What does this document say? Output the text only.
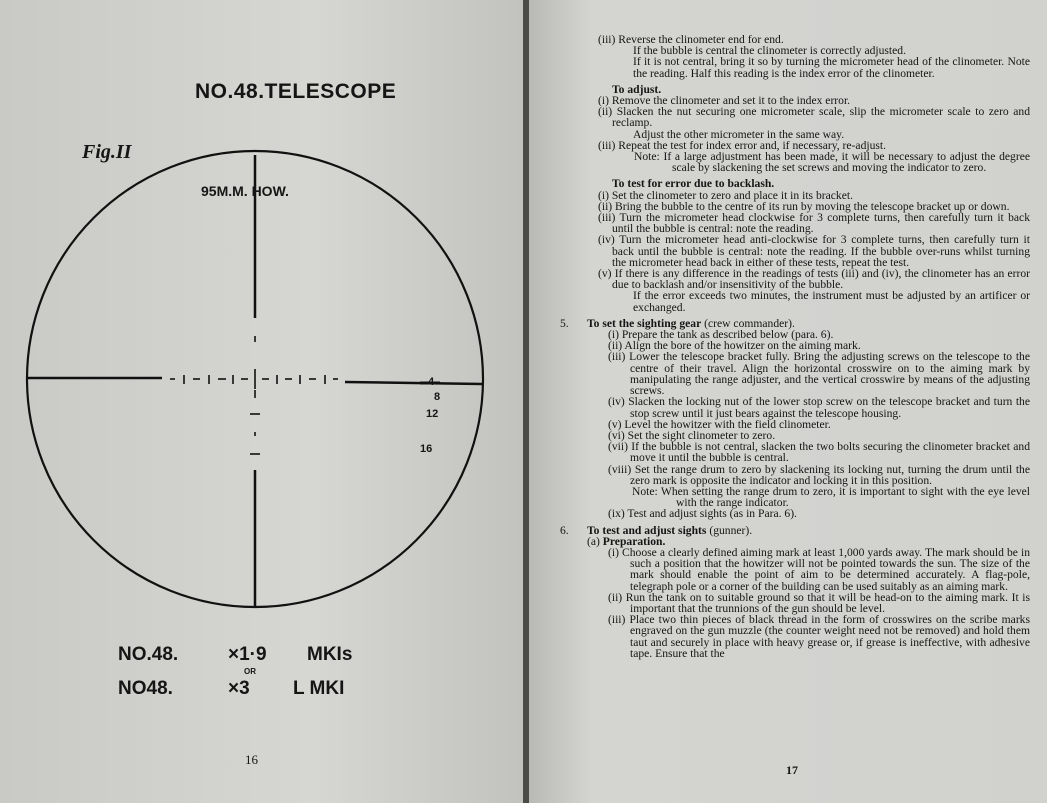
NO.48.TELESCOPE
Fig.II
95M.M. HOW.
4
8
12
16
NO.48.	×1·9 MKIs
OR
NO48.	×3 L MKI
16

(iii) Reverse the clinometer end for end.

If the bubble is central the clinometer is correctly adjusted.

If it is not central, bring it so by turning the micrometer head of the clinometer. Note the reading. Half this reading is the index error of the clinometer.

To adjust.

(i) Remove the clinometer and set it to the index error.

(ii) Slacken the nut securing one micrometer scale, slip the micrometer scale to zero and reclamp.

Adjust the other micrometer in the same way.

(iii) Repeat the test for index error and, if necessary, re-adjust.

Note: If a large adjustment has been made, it will be necessary to adjust the degree scale by slackening the set screws and moving the indicator to zero.

To test for error due to backlash.

(i) Set the clinometer to zero and place it in its bracket.

(ii) Bring the bubble to the centre of its run by moving the telescope bracket up or down.

(iii) Turn the micrometer head clockwise for 3 complete turns, then carefully turn it back until the bubble is central: note the reading.

(iv) Turn the micrometer head anti-clockwise for 3 complete turns, then carefully turn it back until the bubble is central: note the reading. If the bubble over-runs whilst turning the micrometer head back in either of these tests, repeat the test.

(v) If there is any difference in the readings of tests (iii) and (iv), the clinometer has an error due to backlash and/or insensitivity of the bubble.

If the error exceeds two minutes, the instrument must be adjusted by an artificer or exchanged.

5. To set the sighting gear (crew commander).

(i) Prepare the tank as described below (para. 6).

(ii) Align the bore of the howitzer on the aiming mark.

(iii) Lower the telescope bracket fully. Bring the adjusting screws on the telescope to the centre of their travel. Align the horizontal crosswire on to the aiming mark by manipulating the range adjuster, and the vertical crosswire by means of the adjusting screws.

(iv) Slacken the locking nut of the lower stop screw on the telescope bracket and turn the stop screw until it just bears against the telescope housing.

(v) Level the howitzer with the field clinometer.

(vi) Set the sight clinometer to zero.

(vii) If the bubble is not central, slacken the two bolts securing the clinometer bracket and move it until the bubble is central.

(viii) Set the range drum to zero by slackening its locking nut, turning the drum until the zero mark is opposite the indicator and locking it in this position.

Note: When setting the range drum to zero, it is important to sight with the eye level with the range indicator.

(ix) Test and adjust sights (as in Para. 6).

6. To test and adjust sights (gunner).
(a) Preparation.

(i) Choose a clearly defined aiming mark at least 1,000 yards away. The mark should be in such a position that the howitzer will not be pointed towards the sun. The size of the mark should enable the point of aim to be determined accurately. A flag-pole, telegraph pole or a corner of the building can be used suitably as an aiming mark.

(ii) Run the tank on to suitable ground so that it will be head-on to the aiming mark. It is important that the trunnions of the gun should be level.

(iii) Place two thin pieces of black thread in the form of crosswires on the scribe marks engraved on the gun muzzle (the counter weight need not be removed) and hold them taut and securely in place with heavy grease or, if grease is ineffective, with adhesive tape. Ensure that the

17
